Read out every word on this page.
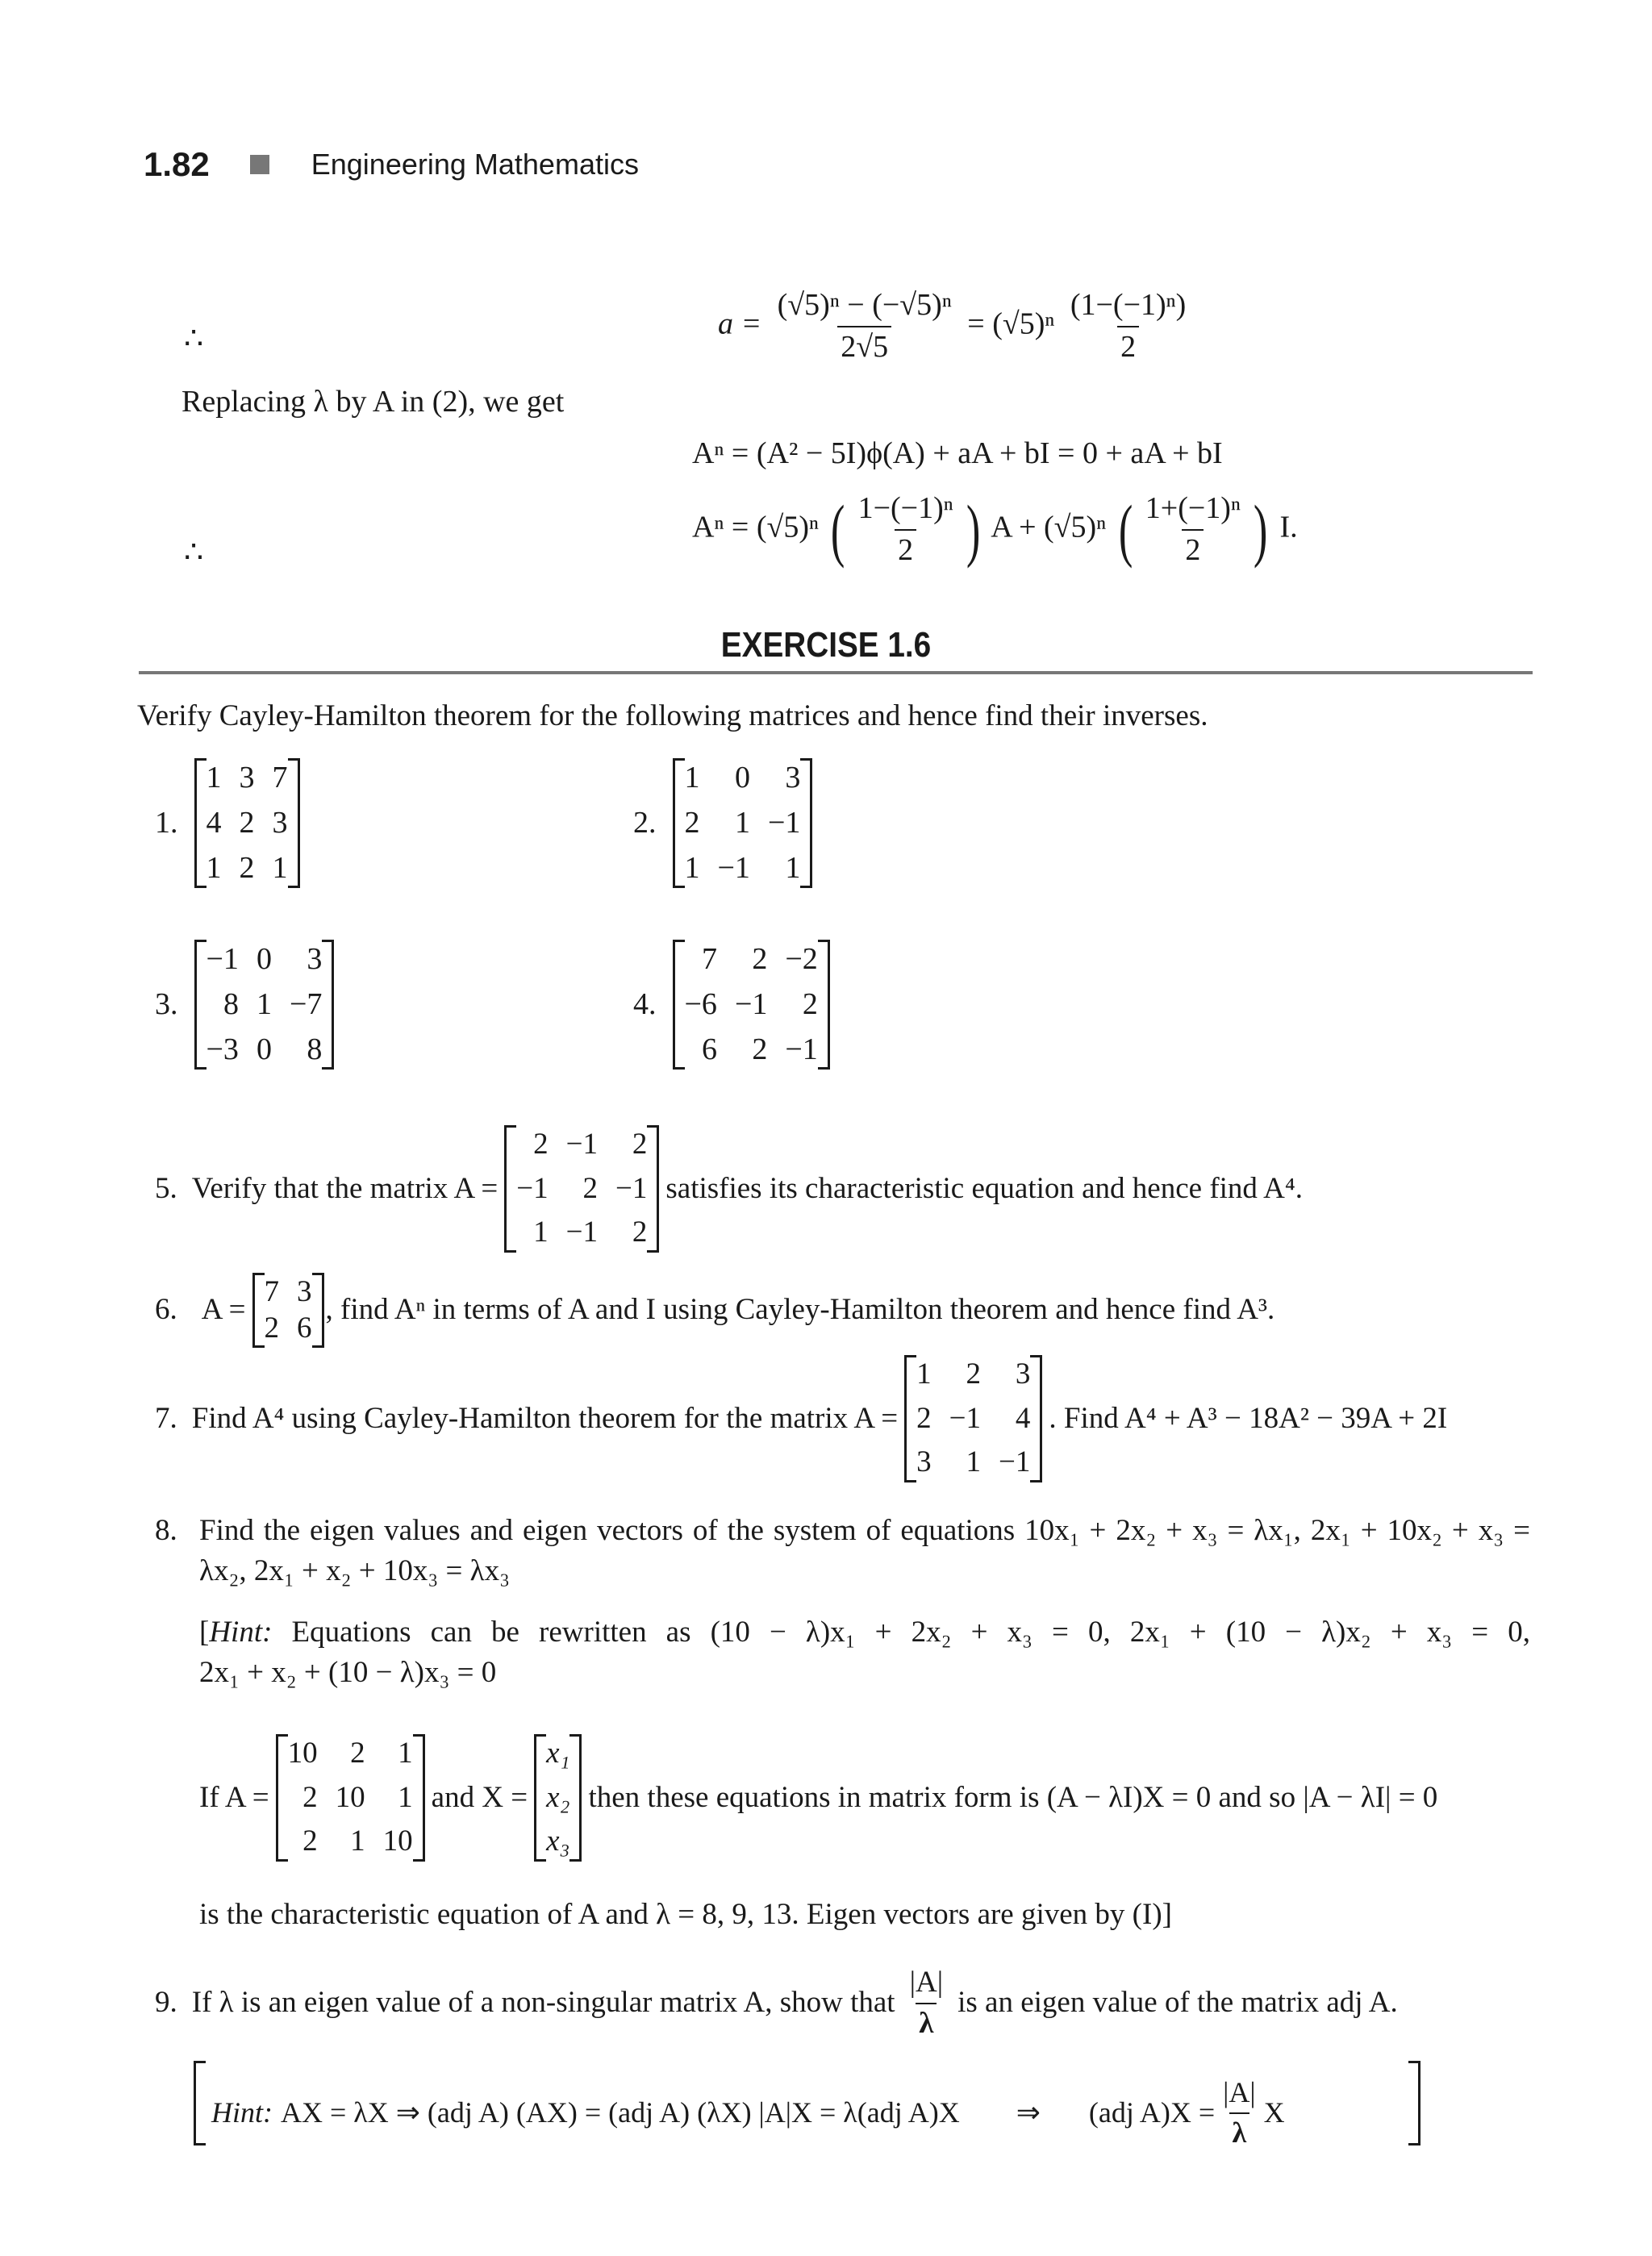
1.82	Engineering Mathematics
∴	$a = \frac{\text{(√5)ⁿ − (−√5)ⁿ}}{2√5} = (√5)^n \frac{\text{(1−(−1)ⁿ)}}{2}$
Replacing λ by A in (2), we get
Aⁿ = (A² − 5I)ϕ(A) + aA + bI = 0 + aA + bI
∴
Aⁿ = (√5)ⁿ ( $\frac{\text{1−(−1)ⁿ}}{2}$ ) A + (√5)ⁿ ( $\frac{\text{1+(−1)ⁿ}}{2}$ ) I.
EXERCISE 1.6
Verify Cayley-Hamilton theorem for the following matrices and hence find their inverses.
1.
1 3 7
4 2 3
1 2 1
2.
1	0	3
2	1 −1
1 −1	1
3.
−1 0	3
8 1 −7
−3 0	8
4.
7	2 −2
−6 −1	2
6	2 −1
5. Verify that the matrix A =
2 −1	2
−1	2 −1
1 −1	2
satisfies its characteristic equation and hence find A⁴.
6. A =
7 3
2 6
, find Aⁿ in terms of A and I using Cayley-Hamilton theorem and hence find A³.
7. Find A⁴ using Cayley-Hamilton theorem for the matrix A =
1	2	3
2 −1	4
3	1 −1
. Find A⁴ + A³ − 18A² − 39A + 2I
8. Find the eigen values and eigen vectors of the system of equations 10x₁ + 2x₂ + x₃ = λx₁, 2x₁ + 10x₂ + x₃ =
λx₂, 2x₁ + x₂ + 10x₃ = λx₃
[Hint: Equations can be rewritten as (10 − λ)x₁ + 2x₂ + x₃ = 0, 2x₁ + (10 − λ)x₂ + x₃ = 0,
2x₁ + x₂ + (10 − λ)x₃ = 0
If A =
10	2	1
2 10	1
2	1 10
and X =
x₁
x₂
x₃
then these equations in matrix form is (A − λI)X = 0 and so |A − λI| = 0
is the characteristic equation of A and λ = 8, 9, 13. Eigen vectors are given by (I)]
9. If λ is an eigen value of a non-singular matrix A, show that $\frac{|A|}{\lambda}$ is an eigen value of the matrix adj A.
Hint: AX = λX ⇒ (adj A) (AX) = (adj A) (λX) |A|X = λ(adj A)X ⇒ (adj $A)X = \frac{|A|}{\lambda}$ X
